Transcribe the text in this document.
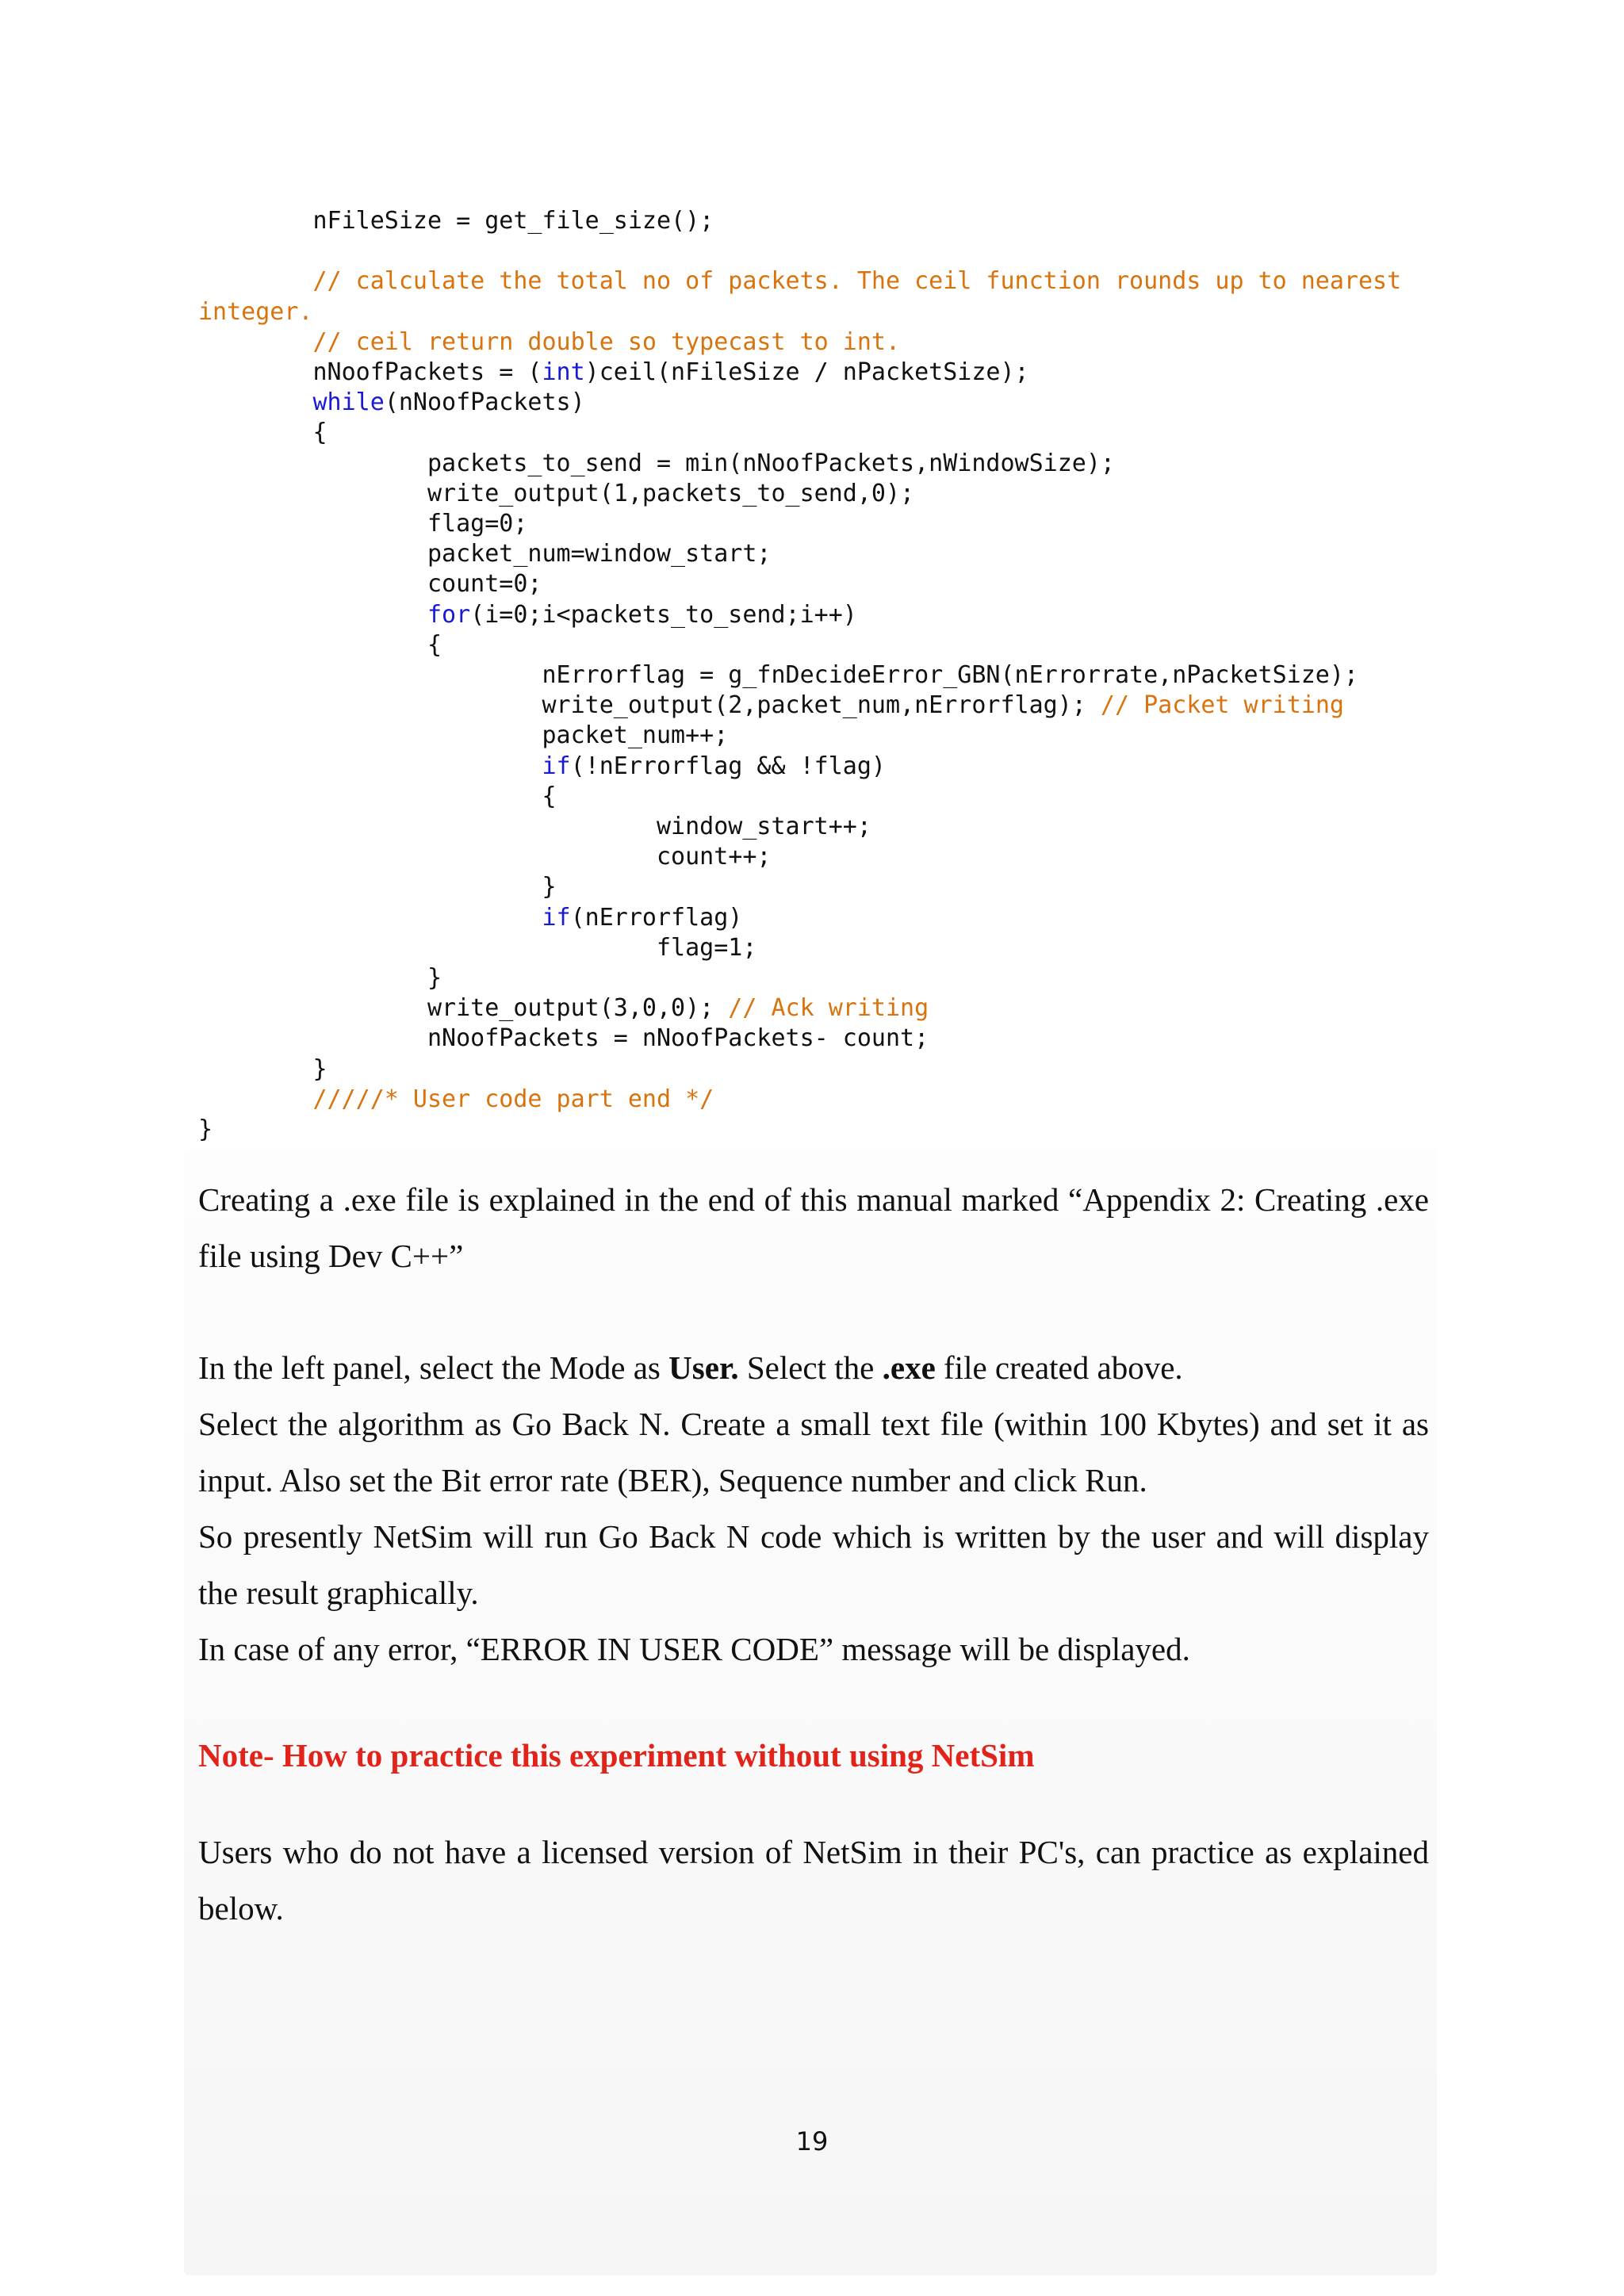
	nFileSize = get_file_size();

	// calculate the total no of packets. The ceil function rounds up to nearest
integer.
	// ceil return double so typecast to int.
	nNoofPackets = (int)ceil(nFileSize / nPacketSize);
	while(nNoofPackets)
	{
		packets_to_send = min(nNoofPackets,nWindowSize);
		write_output(1,packets_to_send,0);
		flag=0;
		packet_num=window_start;
		count=0;
		for(i=0;i<packets_to_send;i++)
		{
			nErrorflag = g_fnDecideError_GBN(nErrorrate,nPacketSize);
			write_output(2,packet_num,nErrorflag); // Packet writing
			packet_num++;
			if(!nErrorflag && !flag)
			{
				window_start++;
				count++;
			}
			if(nErrorflag)
				flag=1;
		}
		write_output(3,0,0); // Ack writing
		nNoofPackets = nNoofPackets- count;
	}
	/////* User code part end */
}

Creating a .exe file is explained in the end of this manual marked “Appendix 2: Creating .exe file using Dev C++”

In the left panel, select the Mode as User. Select the .exe file created above.
Select the algorithm as Go Back N. Create a small text file (within 100 Kbytes) and set it as input. Also set the Bit error rate (BER), Sequence number and click Run.
So presently NetSim will run Go Back N code which is written by the user and will display the result graphically.
In case of any error, “ERROR IN USER CODE” message will be displayed.

Note- How to practice this experiment without using NetSim

Users who do not have a licensed version of NetSim in their PC's, can practice as explained below.

19
